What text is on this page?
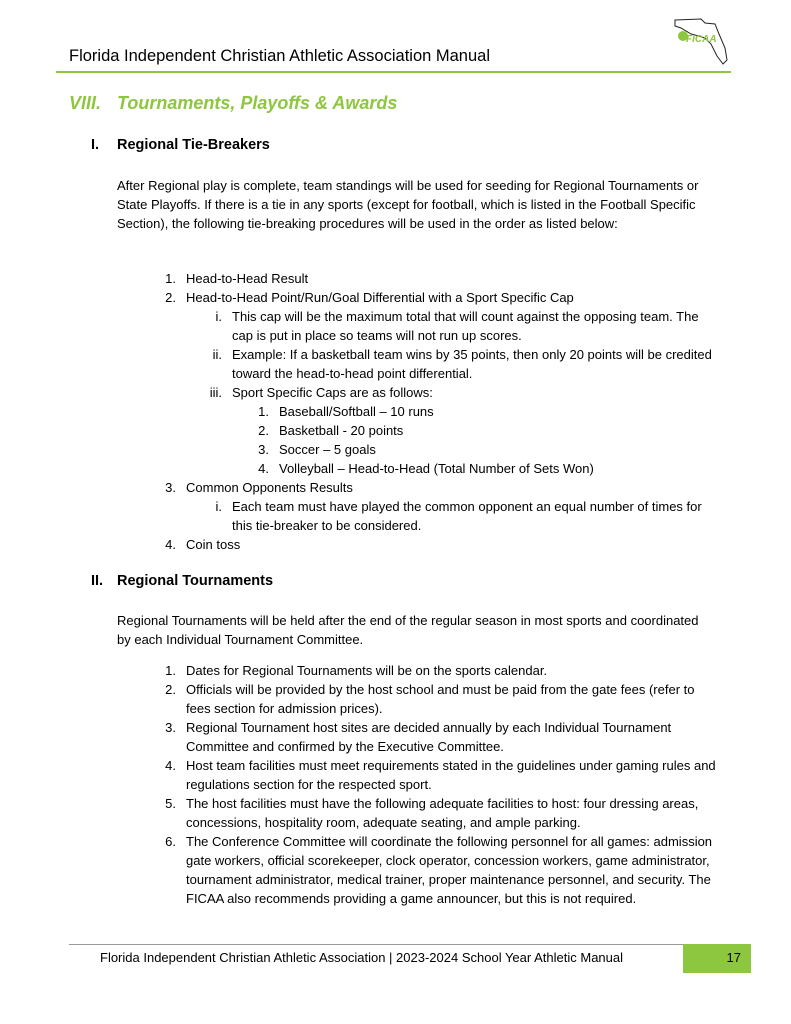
Florida Independent Christian Athletic Association Manual
FICAA
VIII. Tournaments, Playoffs & Awards
I. Regional Tie-Breakers
After Regional play is complete, team standings will be used for seeding for Regional Tournaments or State Playoffs. If there is a tie in any sports (except for football, which is listed in the Football Specific Section), the following tie-breaking procedures will be used in the order as listed below:
1. Head-to-Head Result
2. Head-to-Head Point/Run/Goal Differential with a Sport Specific Cap
i. This cap will be the maximum total that will count against the opposing team. The cap is put in place so teams will not run up scores.
ii. Example: If a basketball team wins by 35 points, then only 20 points will be credited toward the head-to-head point differential.
iii. Sport Specific Caps are as follows:
1. Baseball/Softball – 10 runs
2. Basketball - 20 points
3. Soccer – 5 goals
4. Volleyball – Head-to-Head (Total Number of Sets Won)
3. Common Opponents Results
i. Each team must have played the common opponent an equal number of times for this tie-breaker to be considered.
4. Coin toss
II. Regional Tournaments
Regional Tournaments will be held after the end of the regular season in most sports and coordinated by each Individual Tournament Committee.
1. Dates for Regional Tournaments will be on the sports calendar.
2. Officials will be provided by the host school and must be paid from the gate fees (refer to fees section for admission prices).
3. Regional Tournament host sites are decided annually by each Individual Tournament Committee and confirmed by the Executive Committee.
4. Host team facilities must meet requirements stated in the guidelines under gaming rules and regulations section for the respected sport.
5. The host facilities must have the following adequate facilities to host: four dressing areas, concessions, hospitality room, adequate seating, and ample parking.
6. The Conference Committee will coordinate the following personnel for all games: admission gate workers, official scorekeeper, clock operator, concession workers, game administrator, tournament administrator, medical trainer, proper maintenance personnel, and security. The FICAA also recommends providing a game announcer, but this is not required.
Florida Independent Christian Athletic Association | 2023-2024 School Year Athletic Manual	17
